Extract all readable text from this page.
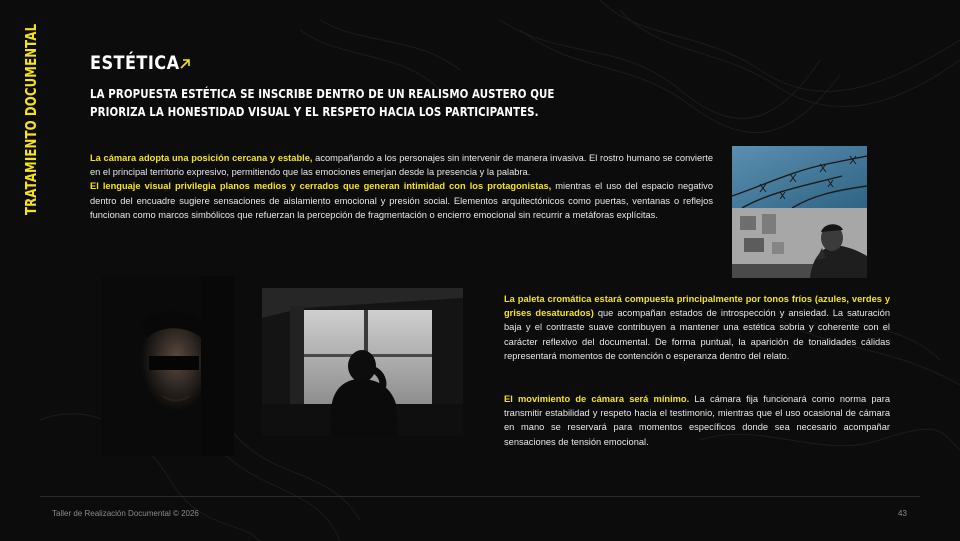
TRATAMIENTO DOCUMENTAL	ESTÉTICA
LA PROPUESTA ESTÉTICA SE INSCRIBE DENTRO DE UN REALISMO AUSTERO QUE PRIORIZA LA HONESTIDAD VISUAL Y EL RESPETO HACIA LOS PARTICIPANTES.
La cámara adopta una posición cercana y estable, acompañando a los personajes sin intervenir de manera invasiva. El rostro humano se convierte en el principal territorio expresivo, permitiendo que las emociones emerjan desde la presencia y la palabra.
El lenguaje visual privilegia planos medios y cerrados que generan intimidad con los protagonistas, mientras el uso del espacio negativo dentro del encuadre sugiere sensaciones de aislamiento emocional y presión social. Elementos arquitectónicos como puertas, ventanas o reflejos funcionan como marcos simbólicos que refuerzan la percepción de fragmentación o encierro emocional sin recurrir a metáforas explícitas.
La paleta cromática estará compuesta principalmente por tonos fríos (azules, verdes y grises desaturados) que acompañan estados de introspección y ansiedad. La saturación baja y el contraste suave contribuyen a mantener una estética sobria y coherente con el carácter reflexivo del documental. De forma puntual, la aparición de tonalidades cálidas representará momentos de contención o esperanza dentro del relato.
El movimiento de cámara será mínimo. La cámara fija funcionará como norma para transmitir estabilidad y respeto hacia el testimonio, mientras que el uso ocasional de cámara en mano se reservará para momentos específicos donde sea necesario acompañar sensaciones de tensión emocional.
Taller de Realización Documental © 2026	43
